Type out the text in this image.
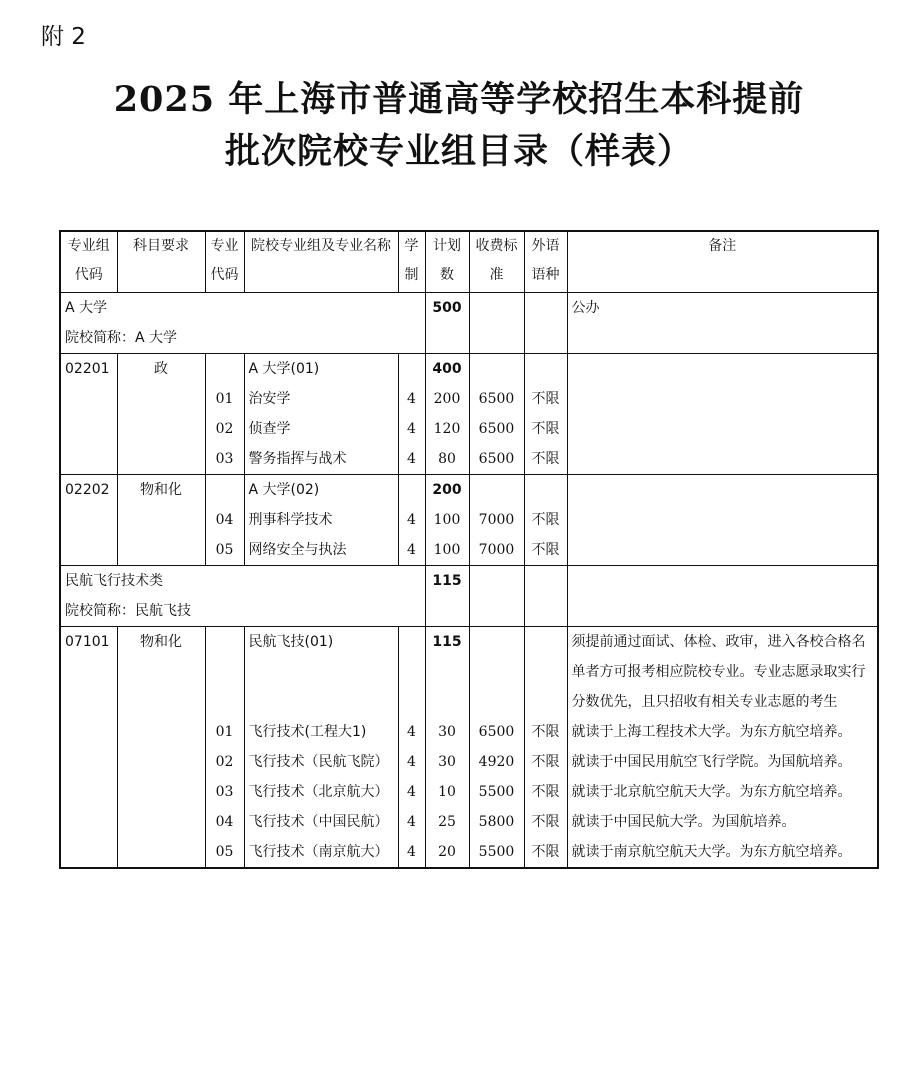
附 2
2025 年上海市普通高等学校招生本科提前
批次院校专业组目录（样表）
专业组代码	科目要求	专业代码	院校专业组及专业名称	学制	计划数	收费标准	外语语种	备注
A 大学					500			公办
院校简称：A 大学								
02201	政		A 大学(01)		400			
		01	治安学	4	200	6500	不限	
		02	侦查学	4	120	6500	不限	
		03	警务指挥与战术	4	80	6500	不限	
02202	物和化		A 大学(02)		200			
		04	刑事科学技术	4	100	7000	不限	
		05	网络安全与执法	4	100	7000	不限	
民航飞行技术类					115			
院校简称：民航飞技								
07101	物和化		民航飞技(01)		115			须提前通过面试、体检、政审，进入各校合格名单者方可报考相应院校专业。专业志愿录取实行分数优先，且只招收有相关专业志愿的考生
		01	飞行技术(工程大1)	4	30	6500	不限	就读于上海工程技术大学。为东方航空培养。
		02	飞行技术（民航飞院）	4	30	4920	不限	就读于中国民用航空飞行学院。为国航培养。
		03	飞行技术（北京航大）	4	10	5500	不限	就读于北京航空航天大学。为东方航空培养。
		04	飞行技术（中国民航）	4	25	5800	不限	就读于中国民航大学。为国航培养。
		05	飞行技术（南京航大）	4	20	5500	不限	就读于南京航空航天大学。为东方航空培养。
